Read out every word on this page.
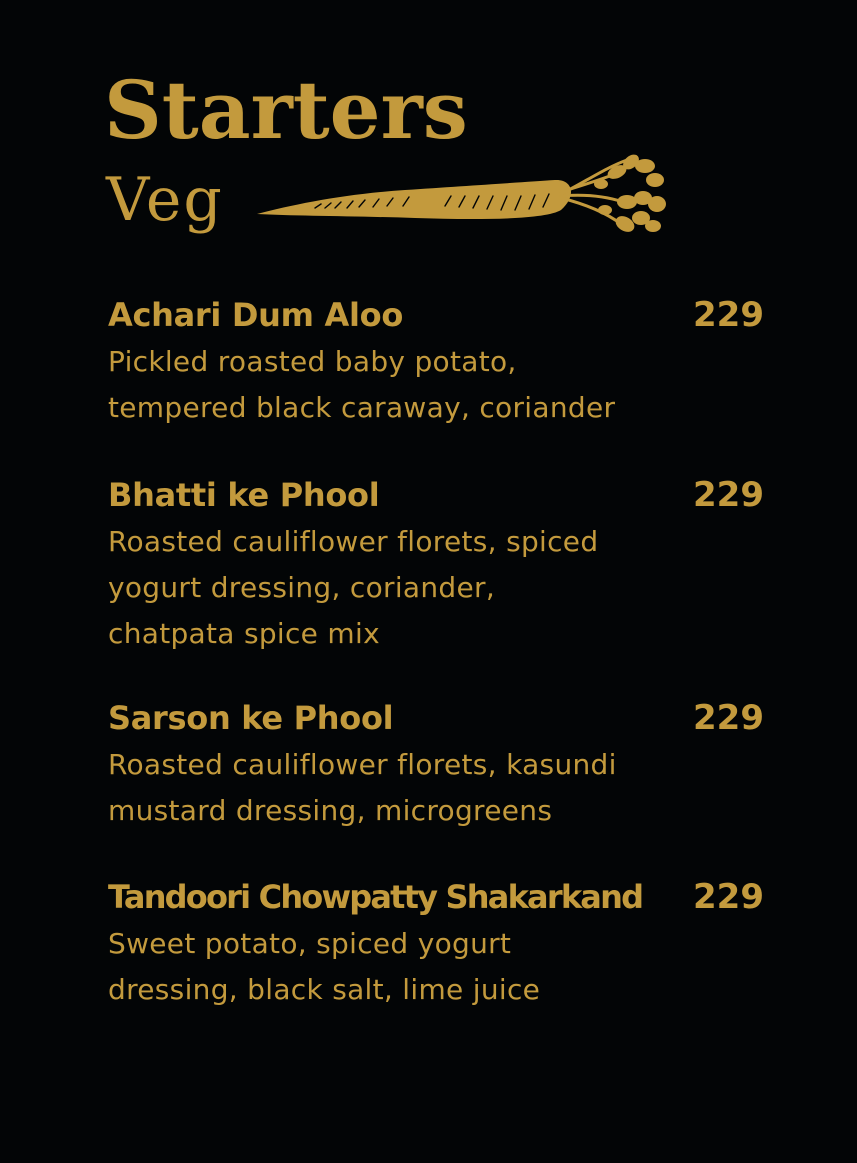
Starters
Veg
Achari Dum Aloo	229

Pickled roasted baby potato,
tempered black caraway, coriander

Bhatti ke Phool	229

Roasted cauliflower florets, spiced
yogurt dressing, coriander,
chatpata spice mix

Sarson ke Phool	229

Roasted cauliflower florets, kasundi
mustard dressing, microgreens

Tandoori Chowpatty Shakarkand 229

Sweet potato, spiced yogurt
dressing, black salt, lime juice
